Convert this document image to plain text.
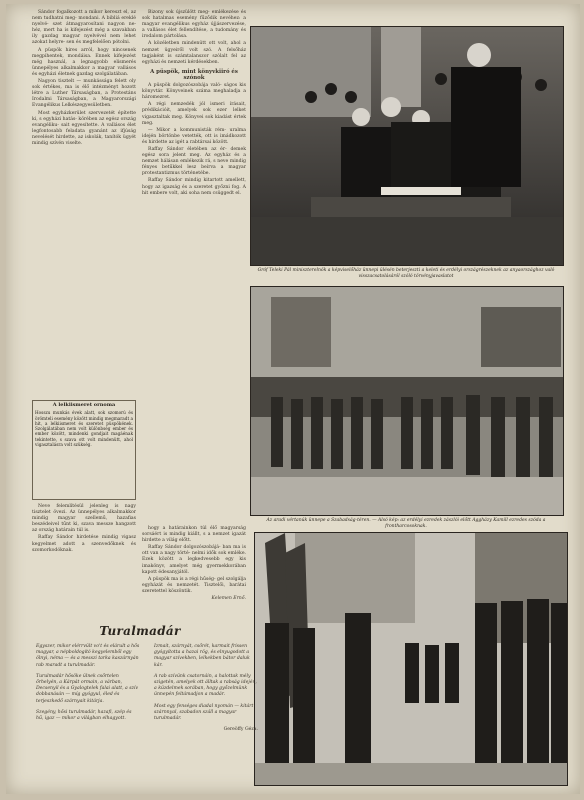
Sándor fogalkozott a mikor kereszt el, az nem tudhatni meg- mondani. A bibliá ereklé nyelvé- szet átmagyarosítani nagyon ne- héz, mert ha is kifejezést még a szavakban ily gazdag magyar nyelvével nem lehet azokat helyre- sen és megfelelően pótolni.

A püspök hires arról, hogy nincsenek megpihentek, mondáisa. Ennek kifejezést még használ, a legnagyobb elismerés ünnepélyes alkalmakkor a magyar vallásos és egyházi életnek gazdag szolgálatában.

Nagyon tisztelt — munkássága felett oly sok értékes, ma is élő intézményt hozott létre a Luther Társaságban, a Protestáns Irodalmi Társaságban, a Magyarországi Evangélikus Lelkészegyesületben.

Most egyházkerület szervezetét építette ki, s egyházi hatás- körében az egész ország evangéliku- sait egyesítette. A vallásos élet legfontosabb feladata gyanánt az ifjúság nevelését hirdette, az iskolák, tanítók ügyét mindig szívén viselte.

A lelkiismeret ornoma
Hosszu munkás évek alatt, sok szomorú és örömteli esemény között mindig megmaradt a hit, a lelkiismeret és szeretet püspökének. Szolgálatában nem volt különbség ember és ember között, mindenki gondjait magáénak tekintette, s szava ott volt mindenütt, ahol vigasztalásra volt szükség.

Neve felemlítésül jelenleg is nagy tisztelet övezi. Az ünnepélyes alkalmakkor mindig magyar szellemű, hazafias beszédeivel tűnt ki, szava messze hangzott az ország határain túl is.

Raffay Sándor hirdetése mindig vigasz kegyelmet adott a szenvedőknek és szomorkodóknak.

Bizony sok újszülött meg- emlékezése és sok hatalmas esemény fűződik nevéhez: a magyar evangélikus egyház újjászervezése, a vallásos élet fellendítése, a tudomány és irodalom pártolása.

A közéletben mindenütt ott volt, ahol a nemzet ügyeiről volt szó. A felsőház tagjaként is számtalanszor szólalt fel az egyházi és nemzeti kérdésekben.

A püspök, mint könyvkiiró és szónok

A püspök dolgozószobája való- ságos kis könyvtár. Könyveinek száma meghaladja a háromezret.

A régi nemzedék jól ismeri írásait, prédikációit, amelyek sok ezer lelket vigasztaltak meg. Könyvei sok kiadást értek meg.

— Mikor a kommunisták rém- uralma idején börtönbe vetették, ott is imádkozott és hirdette az igét a rabtársai között.

Raffay Sándor életében az ér- demek egész sora jelent meg. Az egyház és a nemzet hálásan emlékezik rá, s neve mindig fényes betűkkel lesz beírva a magyar protestantizmus történetébe.

Raffay Sándor mindig kitartott amellett, hogy az igazság és a szeretet győzni fog. A hit embere volt, aki soha nem csüggedt el.

hogy a határainkon túl élő magyarság sorsáért is mindig kiállt, s a nemzet igazát hirdette a világ előtt.

Raffay Sándor dolgozószobájá- ban ma is ott van a nagy törté- nelmi idők sok emléke. Ezek között a legkedvesebb egy kis imakönyv, amelyet még gyermekkorában kapott édesanyjától.

A püspök ma is a régi hűség- gel szolgálja egyházát és nemzetét. Tisztelői, barátai szeretettel köszöntik.

Kelemen Ernő.
Gróf Teleki Pál miniszterelnök a képviselőház ünnepi ülésén beterjeszti a keleti és erdélyi országrészeknek az anyaországhoz való visszacsatolásáról szóló törvényjavaslatot
Az aradi vértanúk ünnepe a Szabadság-téren. — Alsó kép: az erdélyi ezredek zászlói előtt Aggházy Kamill ezredes szóda a frontharcosoknak.
Turalmadár
Egyszer, mikor elérrvült vo't és elárult a hős magyar, a népboldogító kegyelemből egy ölnyi, néma — és a messzi tarka kaszárnyán rab maradt a turulmadár.
Turulmadár hősöke ülnek csőrtelen őrhelyén, a Kárpát ormain, a várban, Decsenyil és a Gyalogtelek falai alatt, a szív dobbanásán — míg gyógyul, éled és terjeszkedő szárnyait kitárja.
Szegény, hősi turulmadár, hazafi, szép és hű, igaz — mikor a világban elhagyott.
Izmait, szárnyát, csőrét, karmait frissen gyógyította a hazai rög, és elnyugodott a magyar szívekben, lelkekben bátor daluk kár.
A rab szívünk csatornáin, a halottak mély szigetén, amelyek ott álltak a rabság idején, a küzdelmek sorában, hogy győzelmünk ünnepén feltámadjon a madár.
Most egy fenséges diadal nyomán — kitárt szárnnyal, szabadon száll a magyar turulmadár.
Gereöffy Géza.
